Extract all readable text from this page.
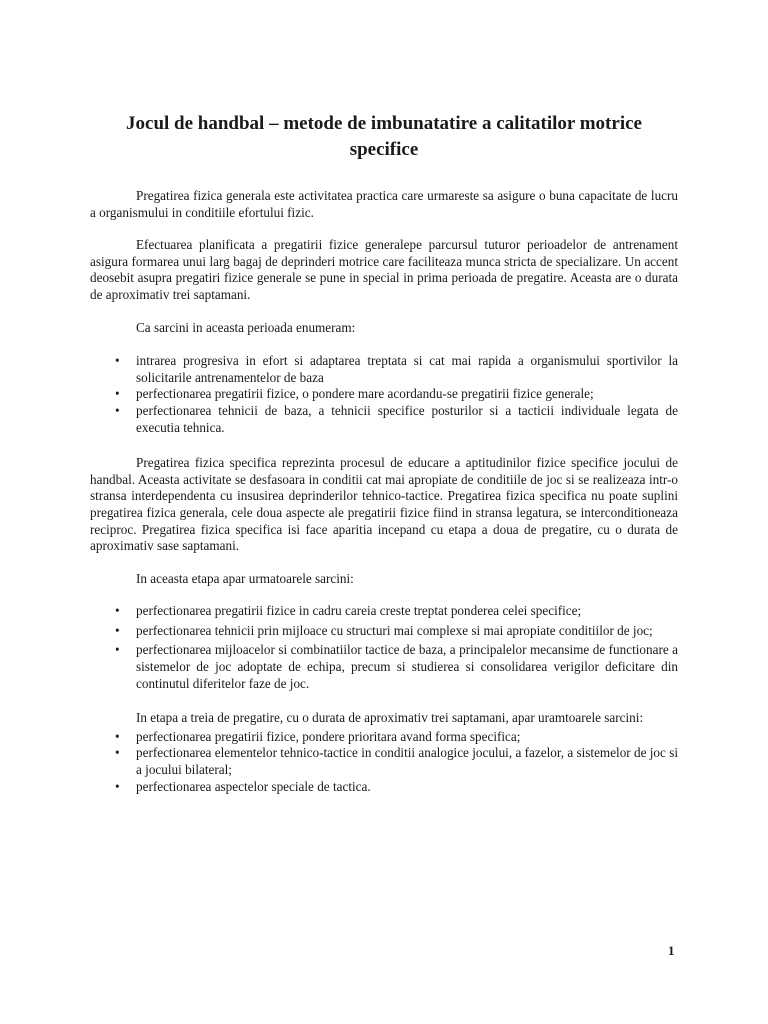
Jocul de handbal – metode de imbunatatire a calitatilor motrice specifice

Pregatirea fizica generala este activitatea practica care urmareste sa asigure o buna capacitate de lucru a organismului in conditiile efortului fizic.

Efectuarea planificata a pregatirii fizice generalepe parcursul tuturor perioadelor de antrenament asigura formarea unui larg bagaj de deprinderi motrice care faciliteaza munca stricta de specializare. Un accent deosebit asupra pregatiri fizice generale se pune in special in prima perioada de pregatire. Aceasta are o durata de aproximativ trei saptamani.

Ca sarcini in aceasta perioada enumeram:

• intrarea progresiva in efort si adaptarea treptata si cat mai rapida a organismului sportivilor la solicitarile antrenamentelor de baza
• perfectionarea pregatirii fizice, o pondere mare acordandu-se pregatirii fizice generale;
• perfectionarea tehnicii de baza, a tehnicii specifice posturilor si a tacticii individuale legata de executia tehnica.

Pregatirea fizica specifica reprezinta procesul de educare a aptitudinilor fizice specifice jocului de handbal. Aceasta activitate se desfasoara in conditii cat mai apropiate de conditiile de joc si se realizeaza intr-o stransa interdependenta cu insusirea deprinderilor tehnico-tactice. Pregatirea fizica specifica nu poate suplini pregatirea fizica generala, cele doua aspecte ale pregatirii fizice fiind in stransa legatura, se interconditioneaza reciproc. Pregatirea fizica specifica isi face aparitia incepand cu etapa a doua de pregatire, cu o durata de aproximativ sase saptamani.

In aceasta etapa apar urmatoarele sarcini:

• perfectionarea pregatirii fizice in cadru careia creste treptat ponderea celei specifice;
• perfectionarea tehnicii prin mijloace cu structuri mai complexe si mai apropiate conditiilor de joc;
• perfectionarea mijloacelor si combinatiilor tactice de baza, a principalelor mecansime de functionare a sistemelor de joc adoptate de echipa, precum si studierea si consolidarea verigilor deficitare din continutul diferitelor faze de joc.

In etapa a treia de pregatire, cu o durata de aproximativ trei saptamani, apar uramtoarele sarcini:

• perfectionarea pregatirii fizice, pondere prioritara avand forma specifica;
• perfectionarea elementelor tehnico-tactice in conditii analogice jocului, a fazelor, a sistemelor de joc si a jocului bilateral;
• perfectionarea aspectelor speciale de tactica.
1
